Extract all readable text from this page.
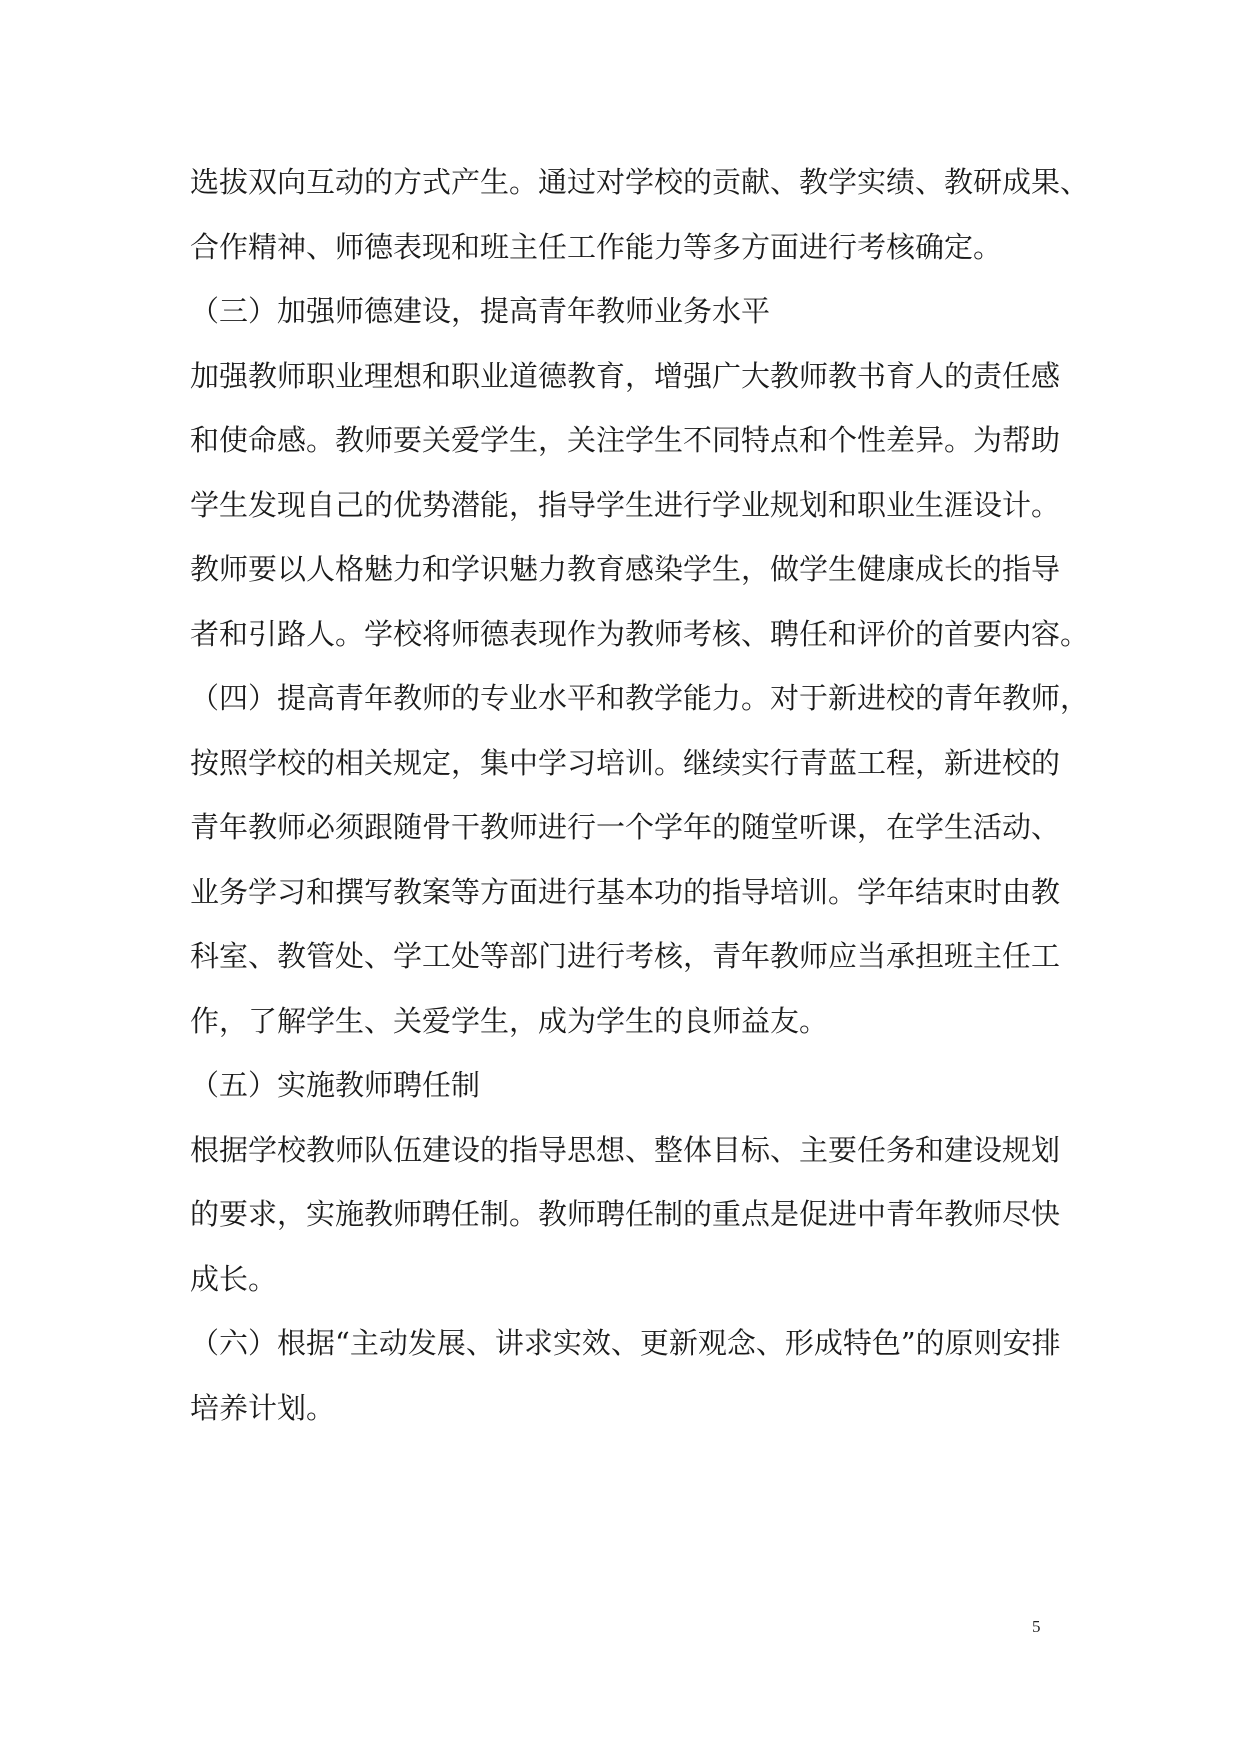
选拔双向互动的方式产生。通过对学校的贡献、教学实绩、教研成果、
合作精神、师德表现和班主任工作能力等多方面进行考核确定。
（三）加强师德建设，提高青年教师业务水平
加强教师职业理想和职业道德教育，增强广大教师教书育人的责任感
和使命感。教师要关爱学生，关注学生不同特点和个性差异。为帮助
学生发现自己的优势潜能，指导学生进行学业规划和职业生涯设计。
教师要以人格魅力和学识魅力教育感染学生，做学生健康成长的指导
者和引路人。学校将师德表现作为教师考核、聘任和评价的首要内容。
（四）提高青年教师的专业水平和教学能力。对于新进校的青年教师，
按照学校的相关规定，集中学习培训。继续实行青蓝工程，新进校的
青年教师必须跟随骨干教师进行一个学年的随堂听课，在学生活动、
业务学习和撰写教案等方面进行基本功的指导培训。学年结束时由教
科室、教管处、学工处等部门进行考核，青年教师应当承担班主任工
作，了解学生、关爱学生，成为学生的良师益友。
（五）实施教师聘任制
根据学校教师队伍建设的指导思想、整体目标、主要任务和建设规划
的要求，实施教师聘任制。教师聘任制的重点是促进中青年教师尽快
成长。
（六）根据“主动发展、讲求实效、更新观念、形成特色”的原则安排
培养计划。
5
